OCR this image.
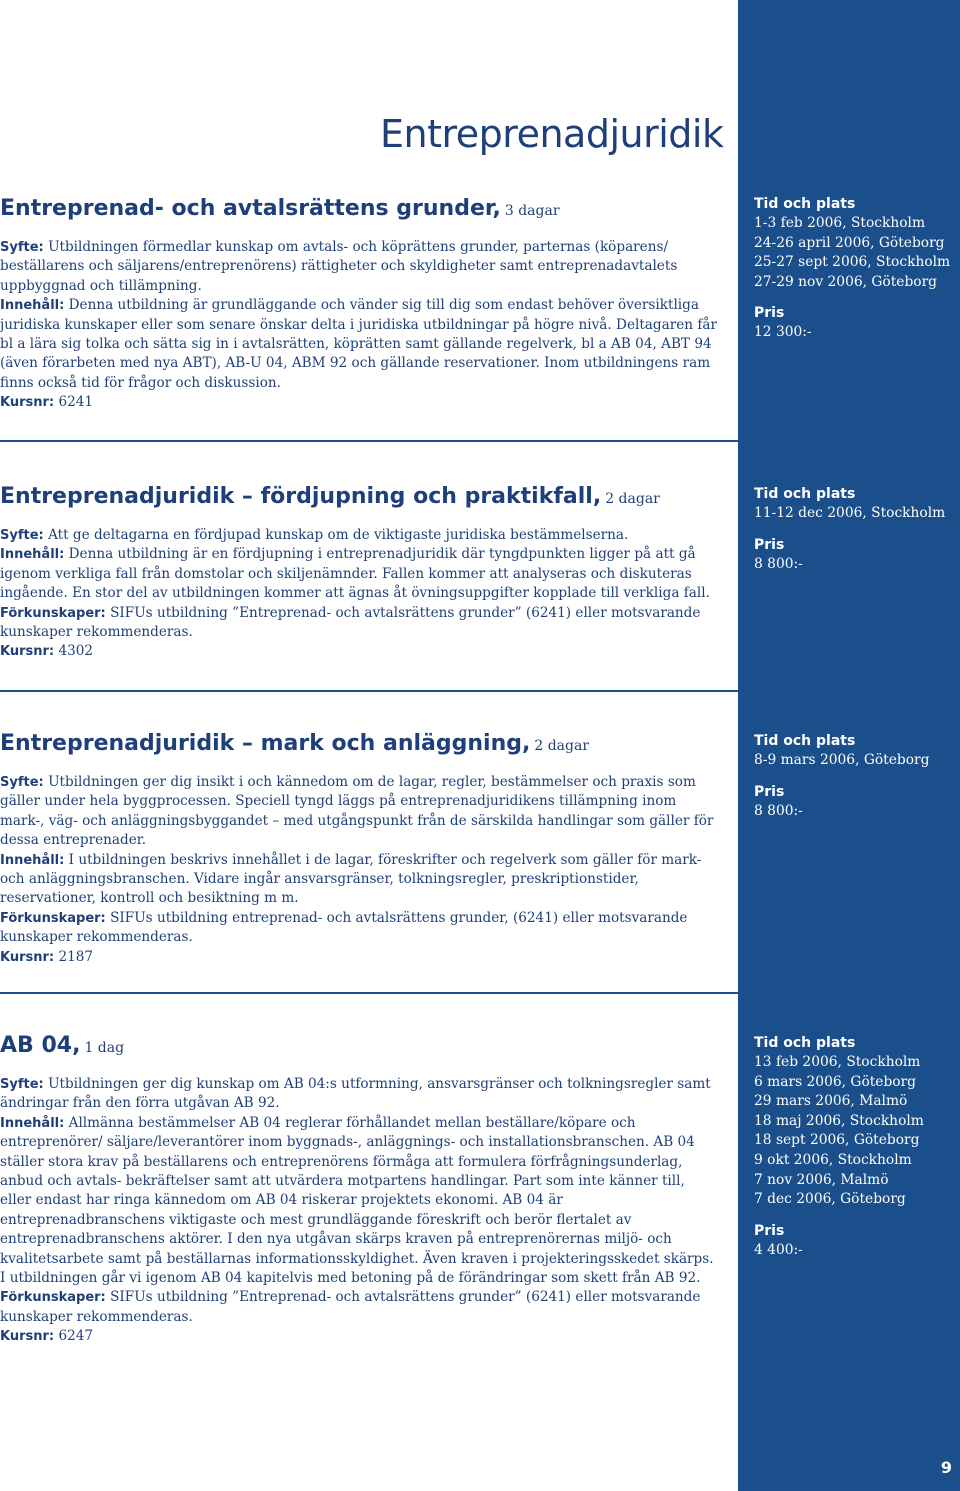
Entreprenadjuridik
Entreprenad- och avtalsrättens grunder, 3 dagar

Syfte: Utbildningen förmedlar kunskap om avtals- och köprättens grunder, parternas (köparens/ beställarens och säljarens/entreprenörens) rättigheter och skyldigheter samt entreprenadavtalets uppbyggnad och tillämpning.

Innehåll: Denna utbildning är grundläggande och vänder sig till dig som endast behöver översiktliga juridiska kunskaper eller som senare önskar delta i juridiska utbildningar på högre nivå. Deltagaren får bl a lära sig tolka och sätta sig in i avtalsrätten, köprätten samt gällande regelverk, bl a AB 04, ABT 94 (även förarbeten med nya ABT), AB-U 04, ABM 92 och gällande reservationer. Inom utbildningens ram finns också tid för frågor och diskussion.

Kursnr: 6241

Tid och plats
1-3 feb 2006, Stockholm
24-26 april 2006, Göteborg
25-27 sept 2006, Stockholm
27-29 nov 2006, Göteborg
Pris
12 300:-
Entreprenadjuridik – fördjupning och praktikfall, 2 dagar

Syfte: Att ge deltagarna en fördjupad kunskap om de viktigaste juridiska bestämmelserna.

Innehåll: Denna utbildning är en fördjupning i entreprenadjuridik där tyngdpunkten ligger på att gå igenom verkliga fall från domstolar och skiljenämnder. Fallen kommer att analyseras och diskuteras ingående. En stor del av utbildningen kommer att ägnas åt övningsuppgifter kopplade till verkliga fall.

Förkunskaper: SIFUs utbildning ”Entreprenad- och avtalsrättens grunder” (6241) eller motsvarande kunskaper rekommenderas.

Kursnr: 4302

Tid och plats
11-12 dec 2006, Stockholm
Pris
8 800:-
Entreprenadjuridik – mark och anläggning, 2 dagar

Syfte: Utbildningen ger dig insikt i och kännedom om de lagar, regler, bestämmelser och praxis som gäller under hela byggprocessen. Speciell tyngd läggs på entreprenadjuridikens tillämpning inom mark-, väg- och anläggningsbyggandet – med utgångspunkt från de särskilda handlingar som gäller för dessa entreprenader.

Innehåll: I utbildningen beskrivs innehållet i de lagar, föreskrifter och regelverk som gäller för mark- och anläggningsbranschen. Vidare ingår ansvarsgränser, tolkningsregler, preskriptionstider, reservationer, kontroll och besiktning m m.

Förkunskaper: SIFUs utbildning entreprenad- och avtalsrättens grunder, (6241) eller motsvarande kunskaper rekommenderas.

Kursnr: 2187

Tid och plats
8-9 mars 2006, Göteborg
Pris
8 800:-
AB 04, 1 dag

Syfte: Utbildningen ger dig kunskap om AB 04:s utformning, ansvarsgränser och tolkningsregler samt ändringar från den förra utgåvan AB 92.

Innehåll: Allmänna bestämmelser AB 04 reglerar förhållandet mellan beställare/köpare och entreprenörer/ säljare/leverantörer inom byggnads-, anläggnings- och installationsbranschen. AB 04 ställer stora krav på beställarens och entreprenörens förmåga att formulera förfrågningsunderlag, anbud och avtals- bekräftelser samt att utvärdera motpartens handlingar. Part som inte känner till, eller endast har ringa kännedom om AB 04 riskerar projektets ekonomi. AB 04 är entreprenadbranschens viktigaste och mest grundläggande föreskrift och berör flertalet av entreprenadbranschens aktörer. I den nya utgåvan skärps kraven på entreprenörernas miljö- och kvalitetsarbete samt på beställarnas informationsskyldighet. Även kraven i projekteringsskedet skärps. I utbildningen går vi igenom AB 04 kapitelvis med betoning på de förändringar som skett från AB 92.

Förkunskaper: SIFUs utbildning ”Entreprenad- och avtalsrättens grunder” (6241) eller motsvarande kunskaper rekommenderas.

Kursnr: 6247

Tid och plats
13 feb 2006, Stockholm
6 mars 2006, Göteborg
29 mars 2006, Malmö
18 maj 2006, Stockholm
18 sept 2006, Göteborg
9 okt 2006, Stockholm
7 nov 2006, Malmö
7 dec 2006, Göteborg
Pris
4 400:-
9
